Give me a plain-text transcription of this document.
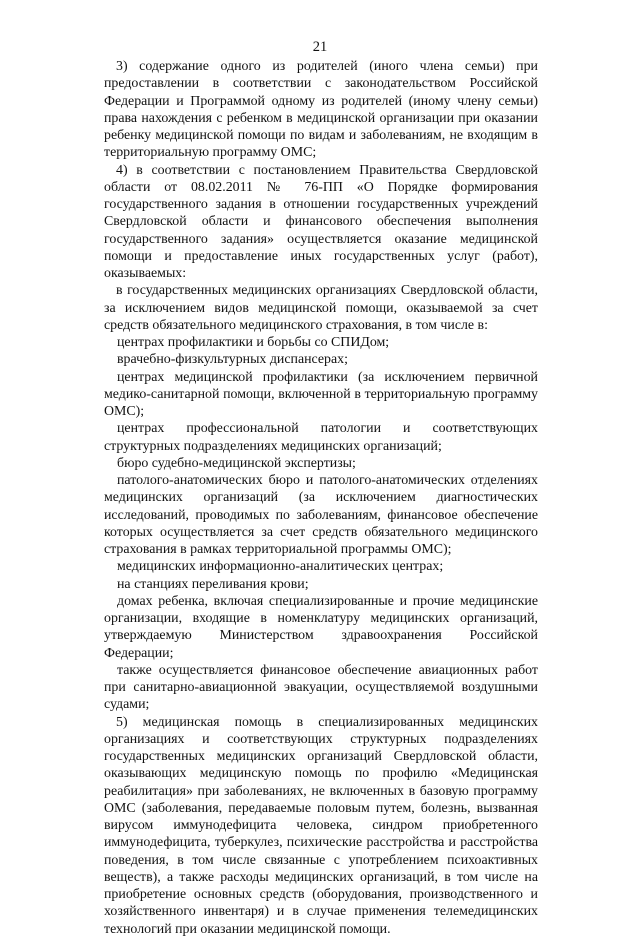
21

3) содержание одного из родителей (иного члена семьи) при предоставлении в соответствии с законодательством Российской Федерации и Программой одному из родителей (иному члену семьи) права нахождения с ребенком в медицинской организации при оказании ребенку медицинской помощи по видам и заболеваниям, не входящим в территориальную программу ОМС;

4) в соответствии с постановлением Правительства Свердловской области от 08.02.2011 № 76-ПП «О Порядке формирования государственного задания в отношении государственных учреждений Свердловской области и финансового обеспечения выполнения государственного задания» осуществляется оказание медицинской помощи и предоставление иных государственных услуг (работ), оказываемых:

в государственных медицинских организациях Свердловской области, за исключением видов медицинской помощи, оказываемой за счет средств обязательного медицинского страхования, в том числе в:

центрах профилактики и борьбы со СПИДом;

врачебно-физкультурных диспансерах;

центрах медицинской профилактики (за исключением первичной медико-санитарной помощи, включенной в территориальную программу ОМС);

центрах профессиональной патологии и соответствующих структурных подразделениях медицинских организаций;

бюро судебно-медицинской экспертизы;

патолого-анатомических бюро и патолого-анатомических отделениях медицинских организаций (за исключением диагностических исследований, проводимых по заболеваниям, финансовое обеспечение которых осуществляется за счет средств обязательного медицинского страхования в рамках территориальной программы ОМС);

медицинских информационно-аналитических центрах;

на станциях переливания крови;

домах ребенка, включая специализированные и прочие медицинские организации, входящие в номенклатуру медицинских организаций, утверждаемую Министерством здравоохранения Российской Федерации;

также осуществляется финансовое обеспечение авиационных работ при санитарно-авиационной эвакуации, осуществляемой воздушными судами;

5) медицинская помощь в специализированных медицинских организациях и соответствующих структурных подразделениях государственных медицинских организаций Свердловской области, оказывающих медицинскую помощь по профилю «Медицинская реабилитация» при заболеваниях, не включенных в базовую программу ОМС (заболевания, передаваемые половым путем, болезнь, вызванная вирусом иммунодефицита человека, синдром приобретенного иммунодефицита, туберкулез, психические расстройства и расстройства поведения, в том числе связанные с употреблением психоактивных веществ), а также расходы медицинских организаций, в том числе на приобретение основных средств (оборудования, производственного и хозяйственного инвентаря) и в случае применения телемедицинских технологий при оказании медицинской помощи.
